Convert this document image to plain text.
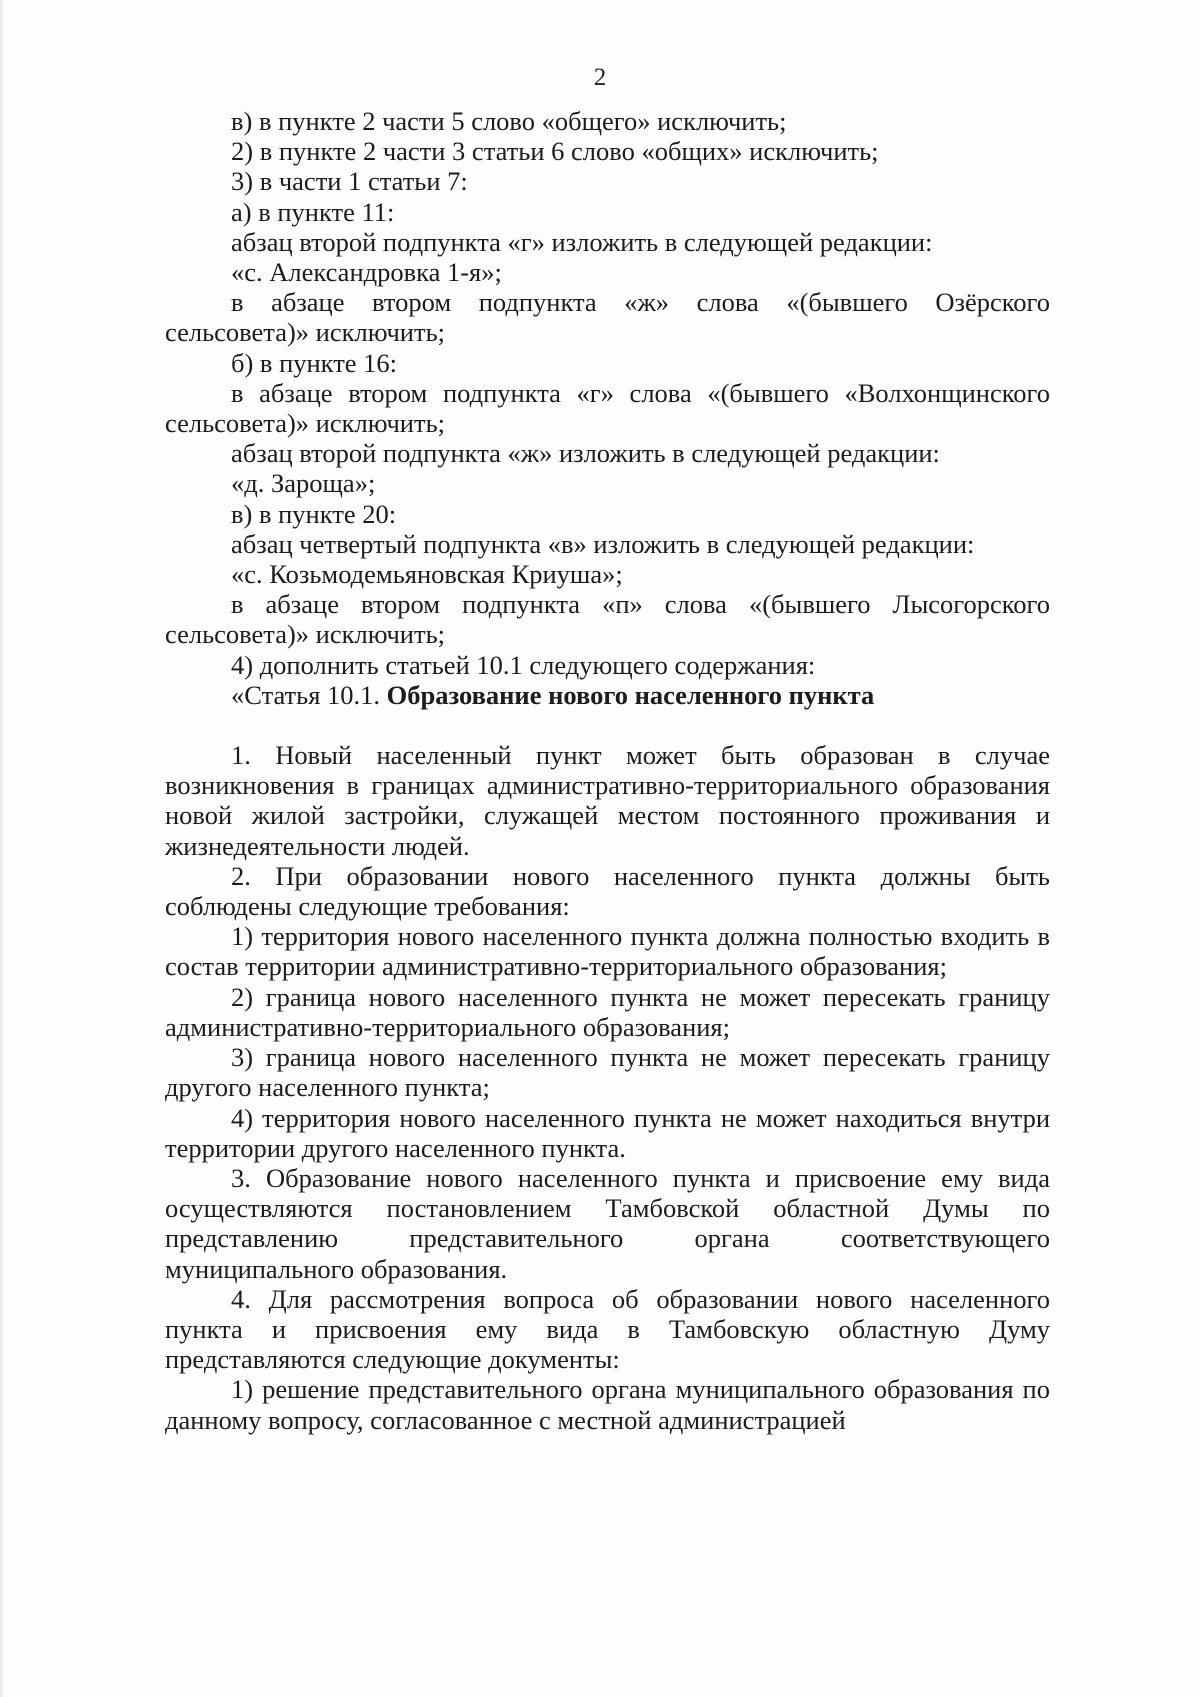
2

в) в пункте 2 части 5 слово «общего» исключить;

2) в пункте 2 части 3 статьи 6 слово «общих» исключить;

3) в части 1 статьи 7:

а) в пункте 11:

абзац второй подпункта «г» изложить в следующей редакции:

«с. Александровка 1-я»;

в абзаце втором подпункта «ж» слова «(бывшего Озёрского сельсовета)» исключить;

б) в пункте 16:

в абзаце втором подпункта «г» слова «(бывшего «Волхонщинского сельсовета)» исключить;

абзац второй подпункта «ж» изложить в следующей редакции:

«д. Зароща»;

в) в пункте 20:

абзац четвертый подпункта «в» изложить в следующей редакции:

«с. Козьмодемьяновская Криуша»;

в абзаце втором подпункта «п» слова «(бывшего Лысогорского сельсовета)» исключить;

4) дополнить статьей 10.1 следующего содержания:

«Статья 10.1. Образование нового населенного пункта

1. Новый населенный пункт может быть образован в случае возникновения в границах административно-территориального образования новой жилой застройки, служащей местом постоянного проживания и жизнедеятельности людей.

2. При образовании нового населенного пункта должны быть соблюдены следующие требования:

1) территория нового населенного пункта должна полностью входить в состав территории административно-территориального образования;

2) граница нового населенного пункта не может пересекать границу административно-территориального образования;

3) граница нового населенного пункта не может пересекать границу другого населенного пункта;

4) территория нового населенного пункта не может находиться внутри территории другого населенного пункта.

3. Образование нового населенного пункта и присвоение ему вида осуществляются постановлением Тамбовской областной Думы по представлению представительного органа соответствующего муниципального образования.

4. Для рассмотрения вопроса об образовании нового населенного пункта и присвоения ему вида в Тамбовскую областную Думу представляются следующие документы:

1) решение представительного органа муниципального образования по данному вопросу, согласованное с местной администрацией
